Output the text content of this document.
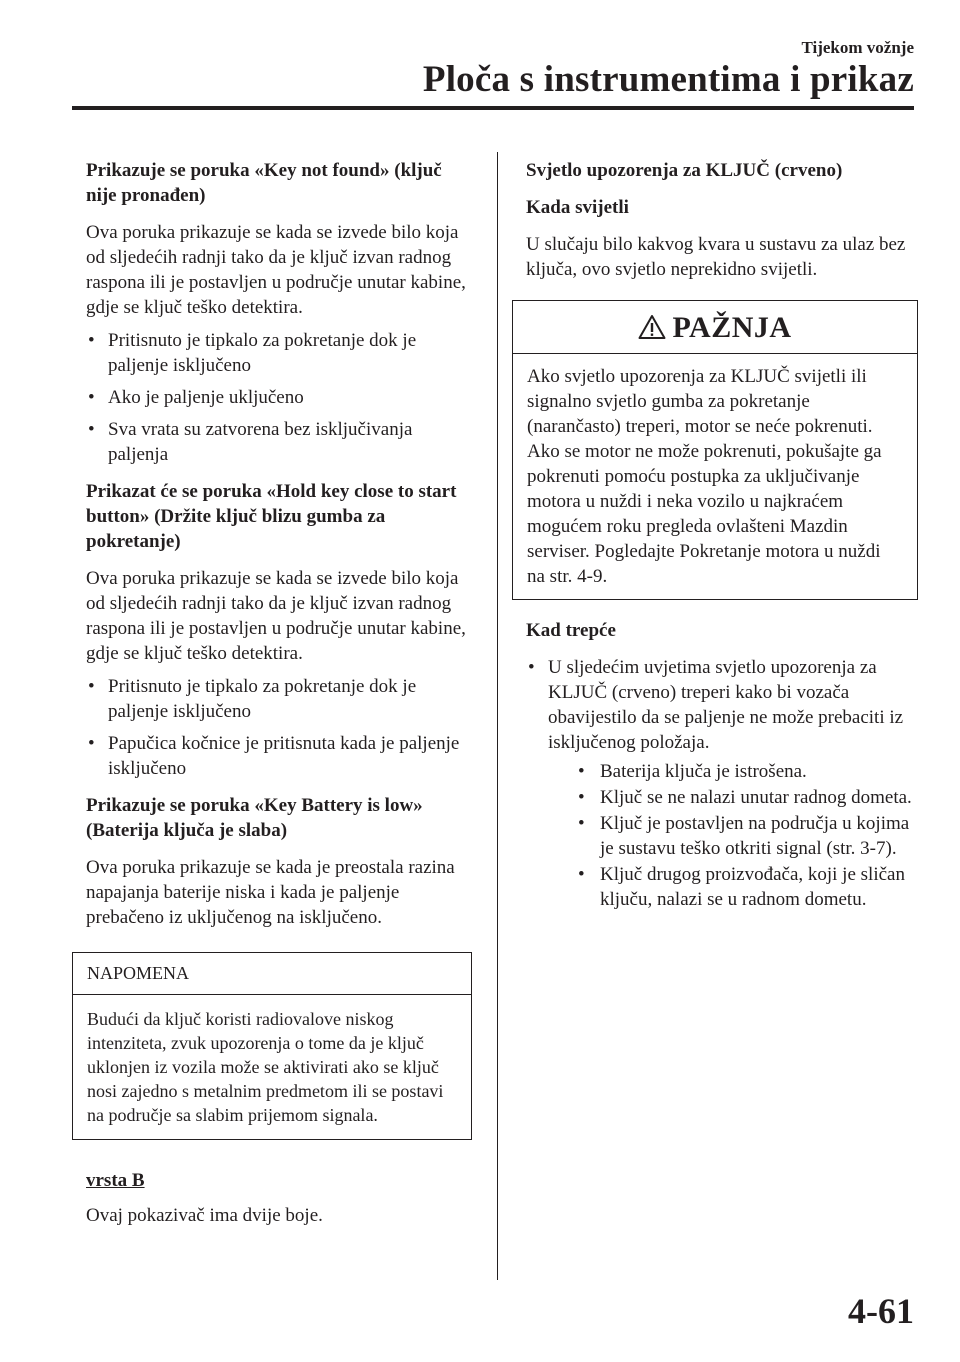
Tijekom vožnje
Ploča s instrumentima i prikaz

Prikazuje se poruka «Key not found» (ključ nije pronađen)

Ova poruka prikazuje se kada se izvede bilo koja od sljedećih radnji tako da je ključ izvan radnog raspona ili je postavljen u područje unutar kabine, gdje se ključ teško detektira.

• Pritisnuto je tipkalo za pokretanje dok je paljenje isključeno
• Ako je paljenje uključeno
• Sva vrata su zatvorena bez isključivanja paljenja

Prikazat će se poruka «Hold key close to start button» (Držite ključ blizu gumba za pokretanje)

Ova poruka prikazuje se kada se izvede bilo koja od sljedećih radnji tako da je ključ izvan radnog raspona ili je postavljen u područje unutar kabine, gdje se ključ teško detektira.

• Pritisnuto je tipkalo za pokretanje dok je paljenje isključeno
• Papučica kočnice je pritisnuta kada je paljenje isključeno

Prikazuje se poruka «Key Battery is low» (Baterija ključa je slaba)

Ova poruka prikazuje se kada je preostala razina napajanja baterije niska i kada je paljenje prebačeno iz uključenog na isključeno.

NAPOMENA
Budući da ključ koristi radiovalove niskog intenziteta, zvuk upozorenja o tome da je ključ uklonjen iz vozila može se aktivirati ako se ključ nosi zajedno s metalnim predmetom ili se postavi na područje sa slabim prijemom signala.

vrsta B

Ovaj pokazivač ima dvije boje.

Svjetlo upozorenja za KLJUČ (crveno)

Kada svijetli

U slučaju bilo kakvog kvara u sustavu za ulaz bez ključa, ovo svjetlo neprekidno svijetli.

PAŽNJA
Ako svjetlo upozorenja za KLJUČ svijetli ili signalno svjetlo gumba za pokretanje (narančasto) treperi, motor se neće pokrenuti. Ako se motor ne može pokrenuti, pokušajte ga pokrenuti pomoću postupka za uključivanje motora u nuždi i neka vozilo u najkraćem mogućem roku pregleda ovlašteni Mazdin serviser. Pogledajte Pokretanje motora u nuždi na str. 4-9.

Kad trepće

• U sljedećim uvjetima svjetlo upozorenja za KLJUČ (crveno) treperi kako bi vozača obavijestilo da se paljenje ne može prebaciti iz isključenog položaja.
• Baterija ključa je istrošena.
• Ključ se ne nalazi unutar radnog dometa.
• Ključ je postavljen na područja u kojima je sustavu teško otkriti signal (str. 3-7).
• Ključ drugog proizvođača, koji je sličan ključu, nalazi se u radnom dometu.
4-61
